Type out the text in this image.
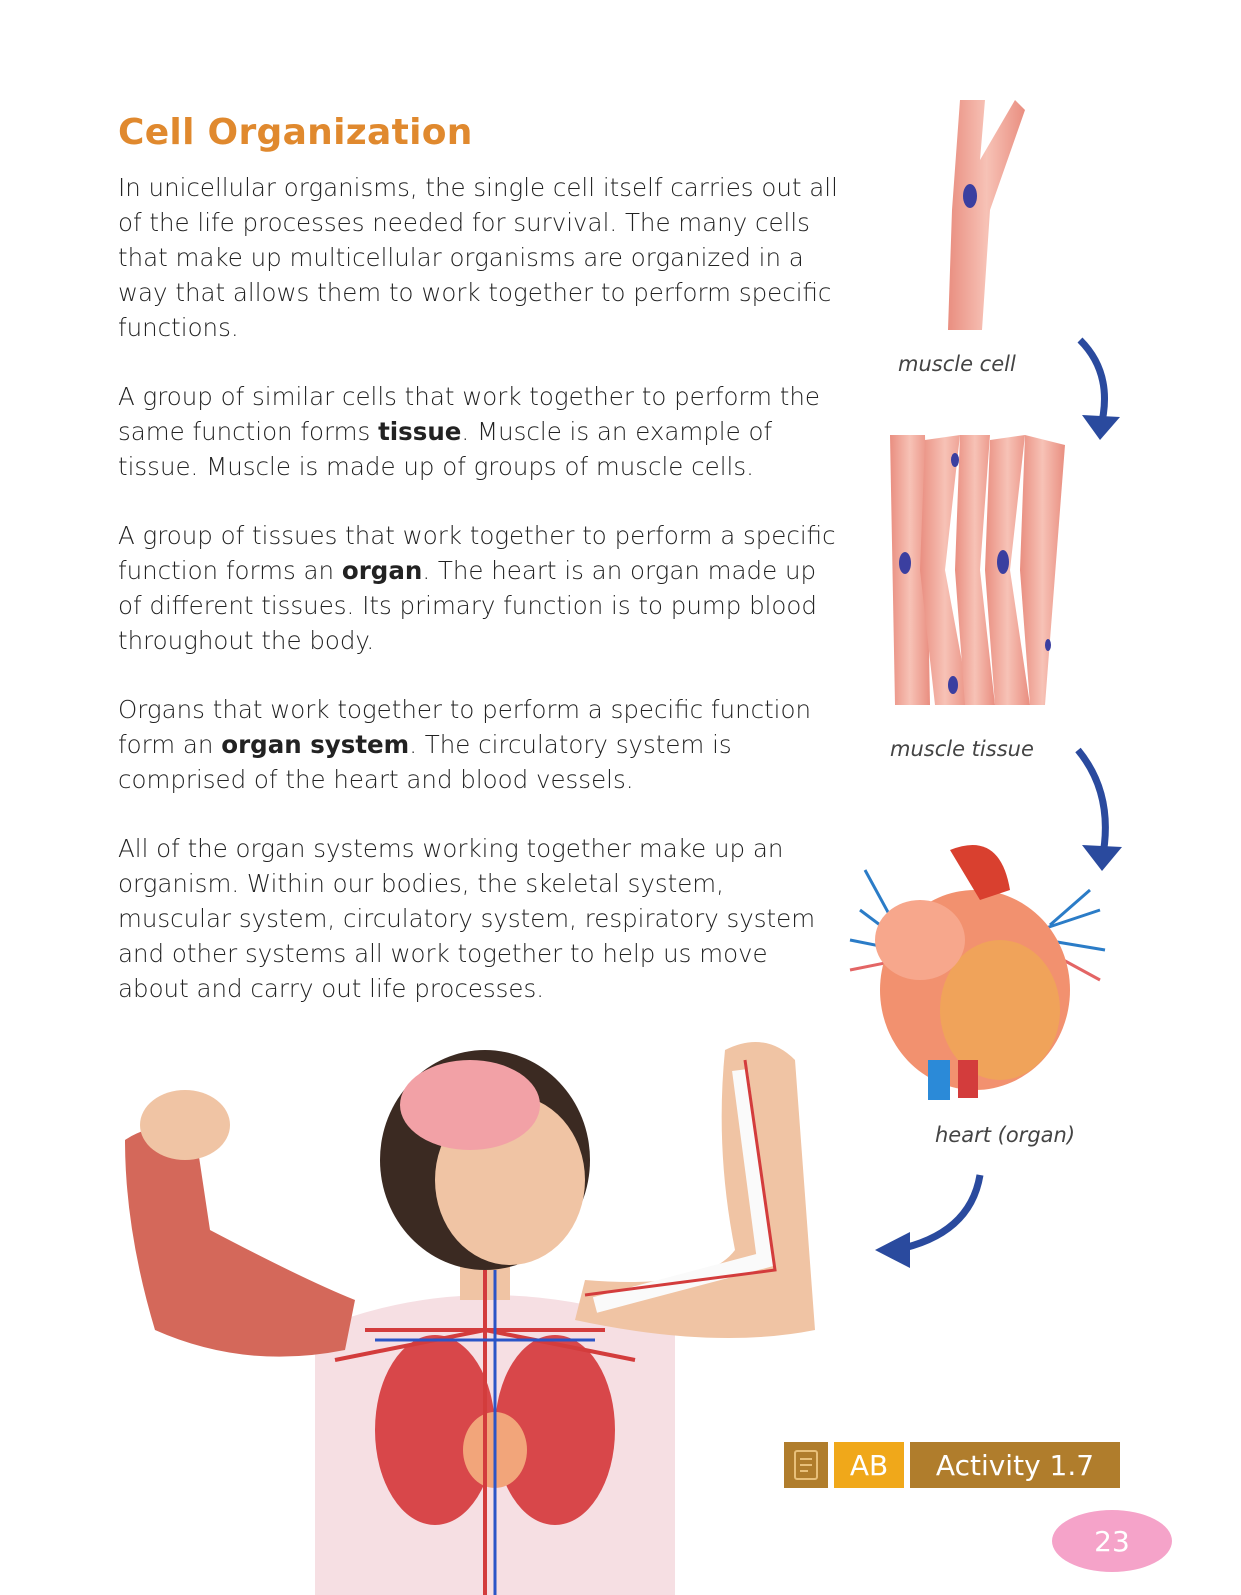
Cell Organization

In unicellular organisms, the single cell itself carries out all of the life processes needed for survival. The many cells that make up multicellular organisms are organized in a way that allows them to work together to perform specific functions.

A group of similar cells that work together to perform the same function forms tissue. Muscle is an example of tissue. Muscle is made up of groups of muscle cells.

A group of tissues that work together to perform a specific function forms an organ. The heart is an organ made up of different tissues. Its primary function is to pump blood throughout the body.

Organs that work together to perform a specific function form an organ system. The circulatory system is comprised of the heart and blood vessels.

All of the organ systems working together make up an organism. Within our bodies, the skeletal system, muscular system, circulatory system, respiratory system and other systems all work together to help us move about and carry out life processes.

muscle cell
muscle tissue
heart (organ)
AB	Activity 1.7
23
